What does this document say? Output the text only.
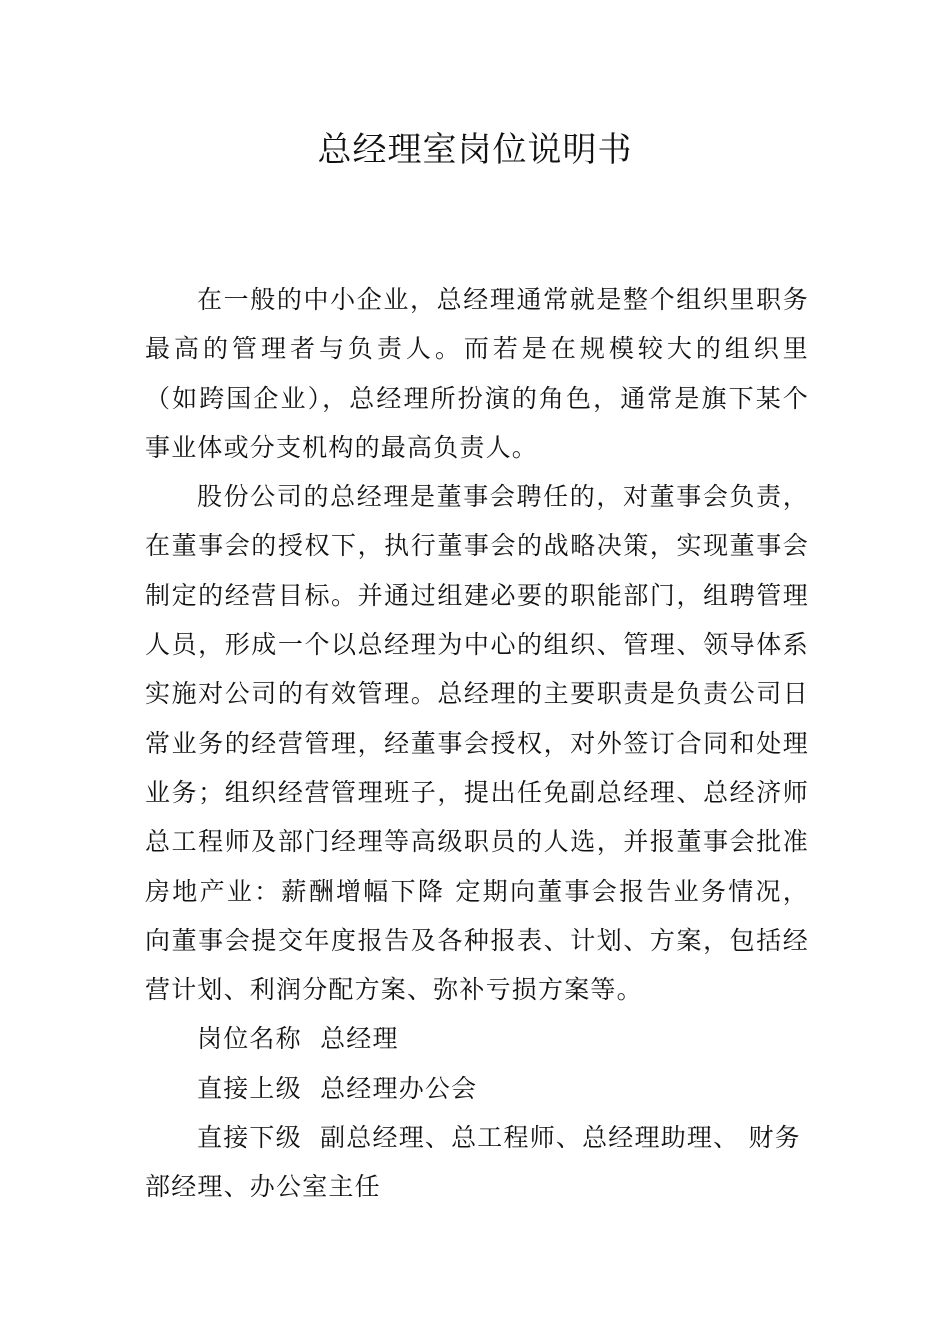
总经理室岗位说明书

在一般的中小企业，总经理通常就是整个组织里职务最高的管理者与负责人。而若是在规模较大的组织里 （如跨国企业），总经理所扮演的角色，通常是旗下某个事业体或分支机构的最高负责人。

股份公司的总经理是董事会聘任的，对董事会负责，在董事会的授权下，执行董事会的战略决策，实现董事会制定的经营目标。并通过组建必要的职能部门，组聘管理人员，形成一个以总经理为中心的组织、管理、领导体系实施对公司的有效管理。总经理的主要职责是负责公司日常业务的经营管理，经董事会授权，对外签订合同和处理业务；组织经营管理班子，提出任免副总经理、总经济师总工程师及部门经理等高级职员的人选，并报董事会批准房地产业：薪酬增幅下降 定期向董事会报告业务情况，向董事会提交年度报告及各种报表、计划、方案，包括经营计划、利润分配方案、弥补亏损方案等。

岗位名称  总经理

直接上级  总经理办公会

直接下级  副总经理、总工程师、总经理助理、 财务部经理、办公室主任
